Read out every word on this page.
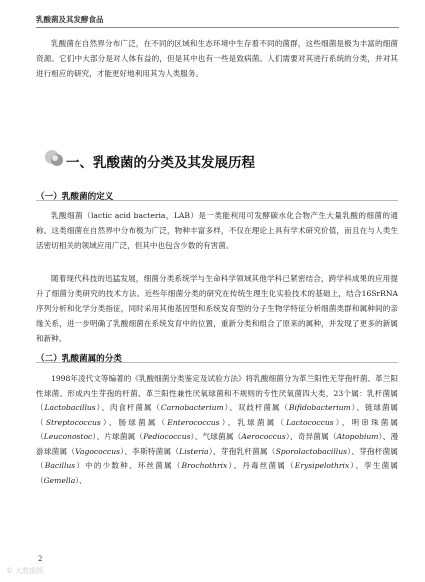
乳酸菌及其发酵食品

乳酸菌在自然界分布广泛，在不同的区域和生态环境中生存着不同的菌群，这些细菌是极为丰富的细菌资源。它们中大部分是对人体有益的，但是其中也有一些是致病菌。人们需要对其进行系统的分类，并对其进行相应的研究，才能更好地利用其为人类服务。

一、乳酸菌的分类及其发展历程
（一）乳酸菌的定义

乳酸细菌（lactic acid bacteria，LAB）是一类能利用可发酵碳水化合物产生大量乳酸的细菌的通称。这类细菌在自然界中分布极为广泛，物种丰富多样，不仅在理论上具有学术研究价值，而且在与人类生活密切相关的领域应用广泛，但其中也包含少数的有害菌。

随着现代科技的迅猛发展，细菌分类系统学与生命科学领域其他学科已紧密结合，跨学科成果的应用提升了细菌分类研究的技术方法。近些年细菌分类的研究在传统生理生化实验技术的基础上，结合16SrRNA序列分析和化学分类指征，同时采用其他基因型和系统发育型的分子生物学特征分析细菌类群和属种间的亲缘关系，进一步明确了乳酸细菌在系统发育中的位置，重新分类和组合了原来的属种，并发现了更多的新属和新种。

（二）乳酸菌属的分类

1998年凌代文等编著的《乳酸细菌分类鉴定及试验方法》将乳酸细菌分为革兰阳性无芽孢杆菌、革兰阳性球菌、形成内生芽孢的杆菌、革兰阳性兼性厌氧球菌和不规则的专性厌氧菌四大类，23个属：乳杆菌属（Lactobacillus）、肉食杆菌属（Carnobacterium）、双歧杆菌属（Bifidobacterium）、链球菌属（Streptococcus）、肠球菌属（Enterococcus）、乳球菌属（Lactococcus）、明串珠菌属（Leuconostoc）、片球菌属（Pediococcus）、气球菌属（Aerococcus）、奇异菌属（Atopobium）、漫游球菌属（Vagococcus）、李斯特菌属（Listeria）、芽孢乳杆菌属（Sporolactobacillus）、芽孢杆菌属（Bacillus）中的少数种、环丝菌属（Brochothrix）、丹毒丝菌属（Erysipelothrix）、孪生菌属（Gemella）、

2
© 大数据图
